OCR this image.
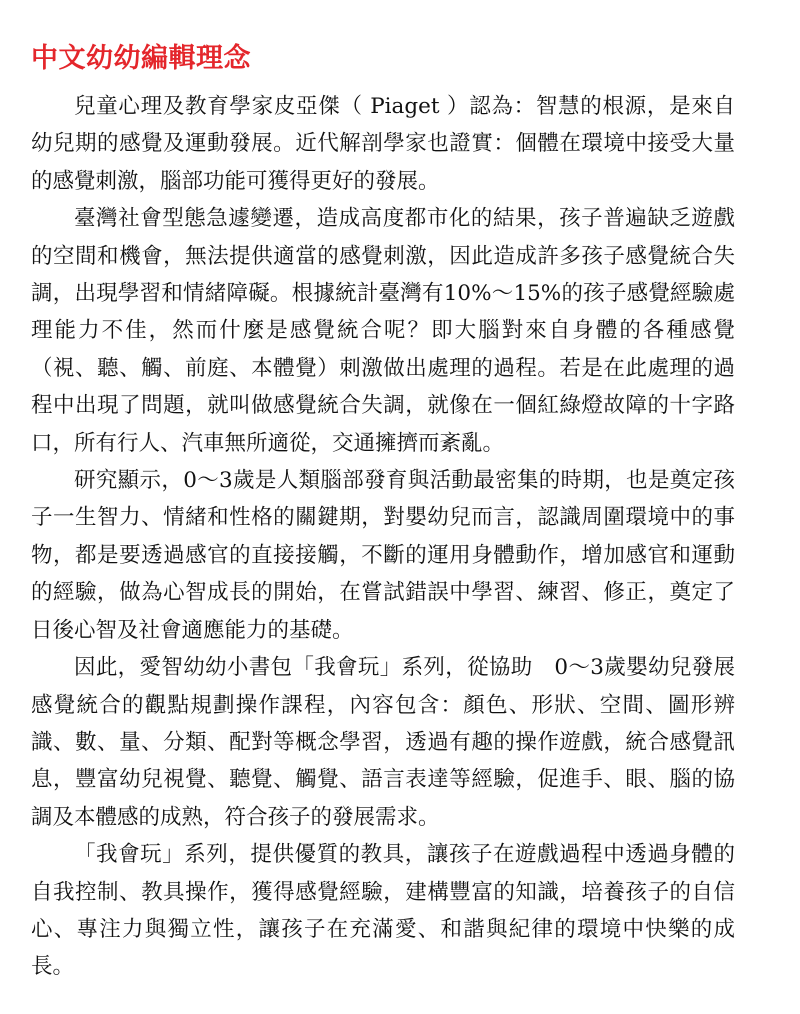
中文幼幼編輯理念

兒童心理及教育學家皮亞傑（ Piaget ）認為：智慧的根源，是來自幼兒期的感覺及運動發展。近代解剖學家也證實：個體在環境中接受大量的感覺刺激，腦部功能可獲得更好的發展。

臺灣社會型態急遽變遷，造成高度都市化的結果，孩子普遍缺乏遊戲的空間和機會，無法提供適當的感覺刺激，因此造成許多孩子感覺統合失調，出現學習和情緒障礙。根據統計臺灣有10%～15%的孩子感覺經驗處理能力不佳，然而什麼是感覺統合呢？即大腦對來自身體的各種感覺（視、聽、觸、前庭、本體覺）刺激做出處理的過程。若是在此處理的過程中出現了問題，就叫做感覺統合失調，就像在一個紅綠燈故障的十字路口，所有行人、汽車無所適從，交通擁擠而紊亂。

研究顯示，0～3歲是人類腦部發育與活動最密集的時期，也是奠定孩子一生智力、情緒和性格的關鍵期，對嬰幼兒而言，認識周圍環境中的事物，都是要透過感官的直接接觸，不斷的運用身體動作，增加感官和運動的經驗，做為心智成長的開始，在嘗試錯誤中學習、練習、修正，奠定了日後心智及社會適應能力的基礎。

因此，愛智幼幼小書包「我會玩」系列，從協助　0～3歲嬰幼兒發展感覺統合的觀點規劃操作課程，內容包含：顏色、形狀、空間、圖形辨識、數、量、分類、配對等概念學習，透過有趣的操作遊戲，統合感覺訊息，豐富幼兒視覺、聽覺、觸覺、語言表達等經驗，促進手、眼、腦的協調及本體感的成熟，符合孩子的發展需求。

「我會玩」系列，提供優質的教具，讓孩子在遊戲過程中透過身體的自我控制、教具操作，獲得感覺經驗，建構豐富的知識，培養孩子的自信心、專注力與獨立性，讓孩子在充滿愛、和諧與紀律的環境中快樂的成長。
